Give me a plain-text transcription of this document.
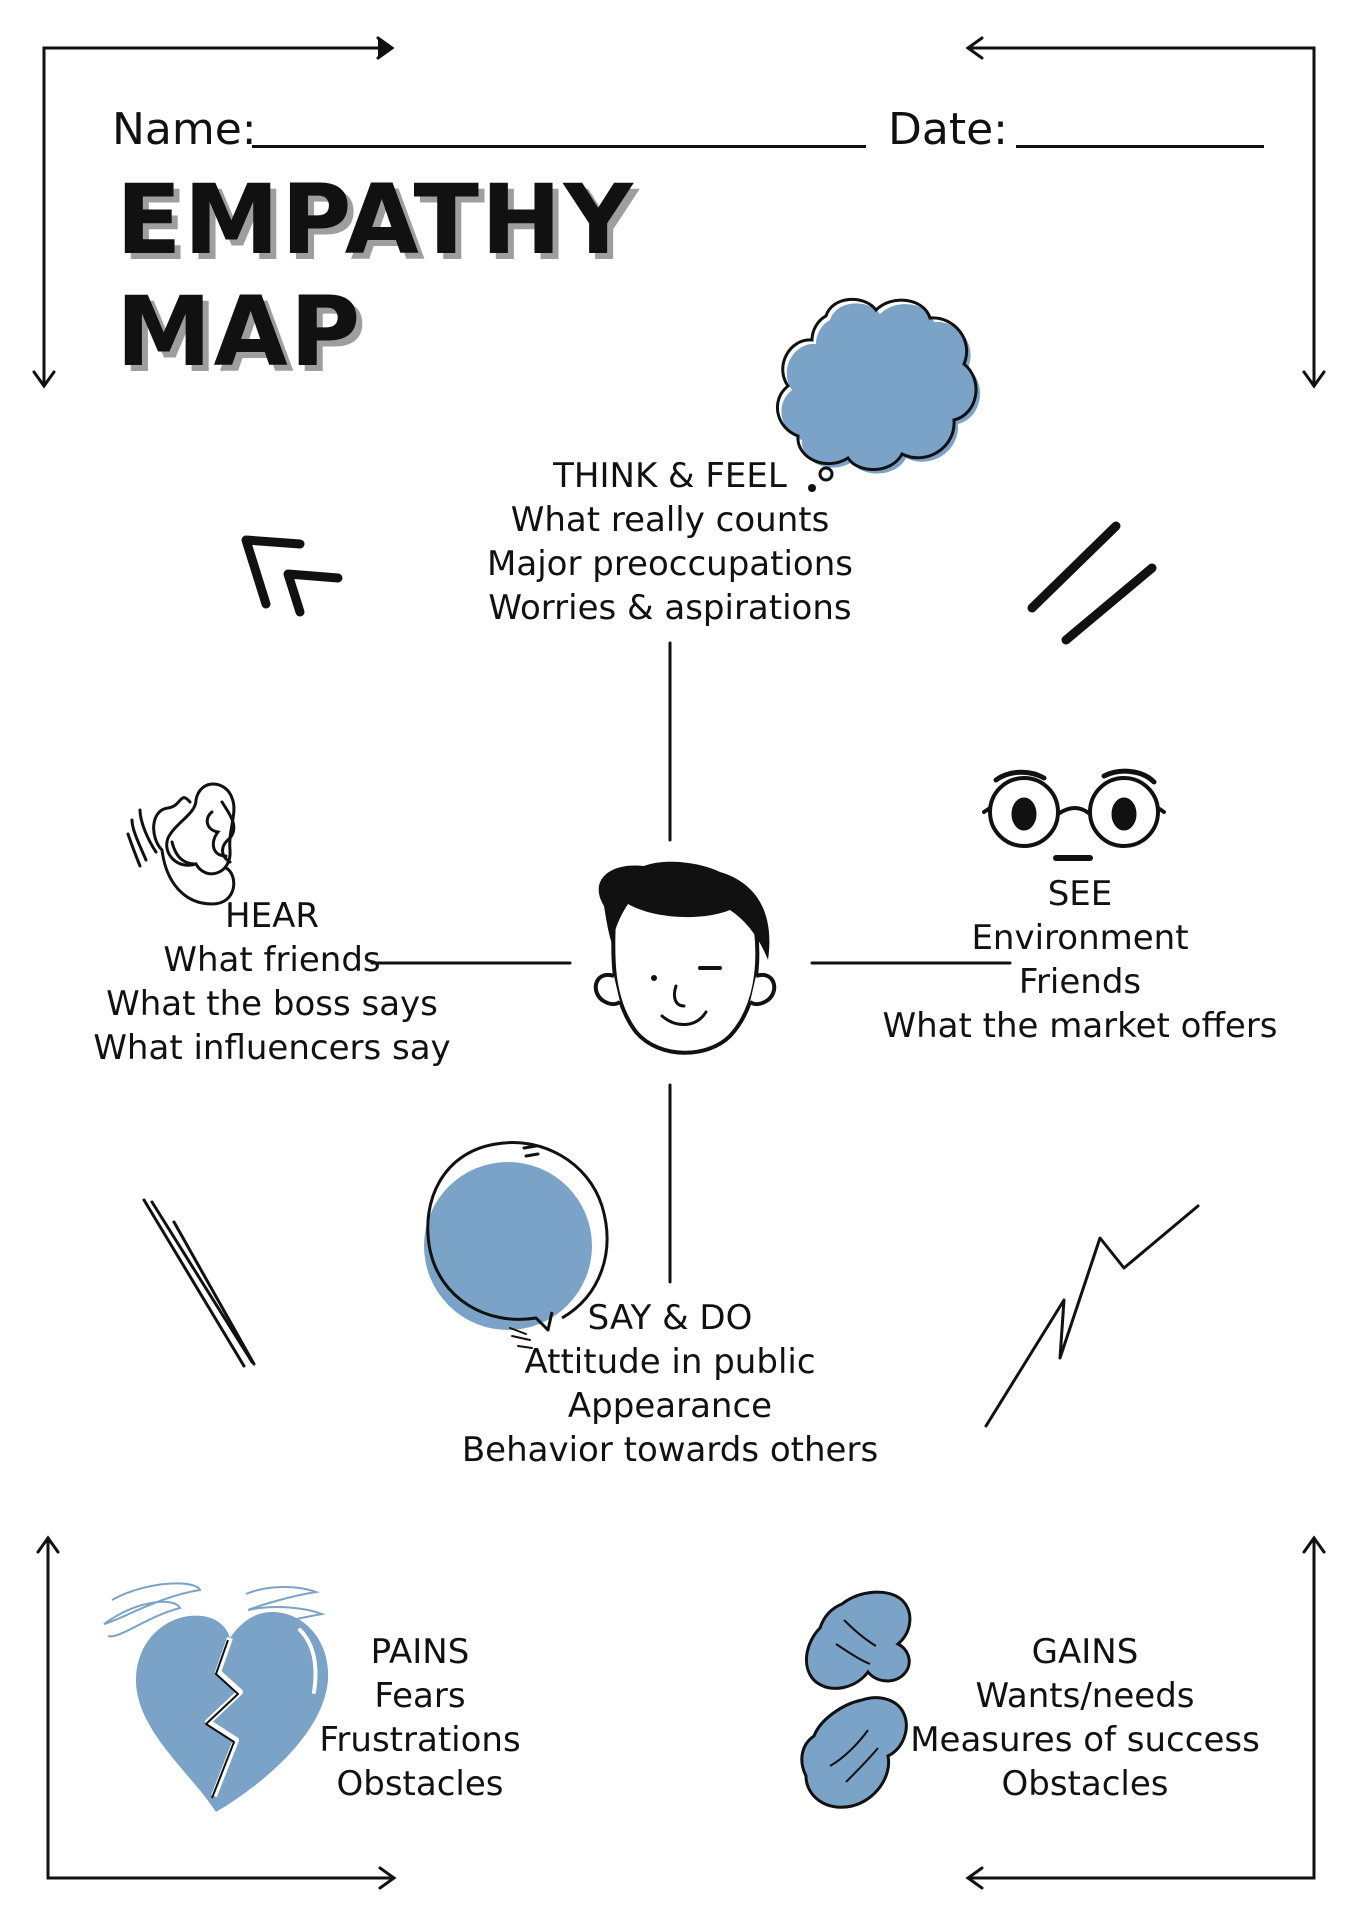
Name:	Date:
EMPATHY
MAP
THINK & FEEL
What really counts
Major preoccupations
Worries & aspirations
HEAR
What friends
What the boss says
What influencers say
SEE
Environment
Friends
What the market offers
SAY & DO
Attitude in public
Appearance
Behavior towards others
PAINS
Fears
Frustrations
Obstacles
GAINS
Wants/needs
Measures of success
Obstacles
